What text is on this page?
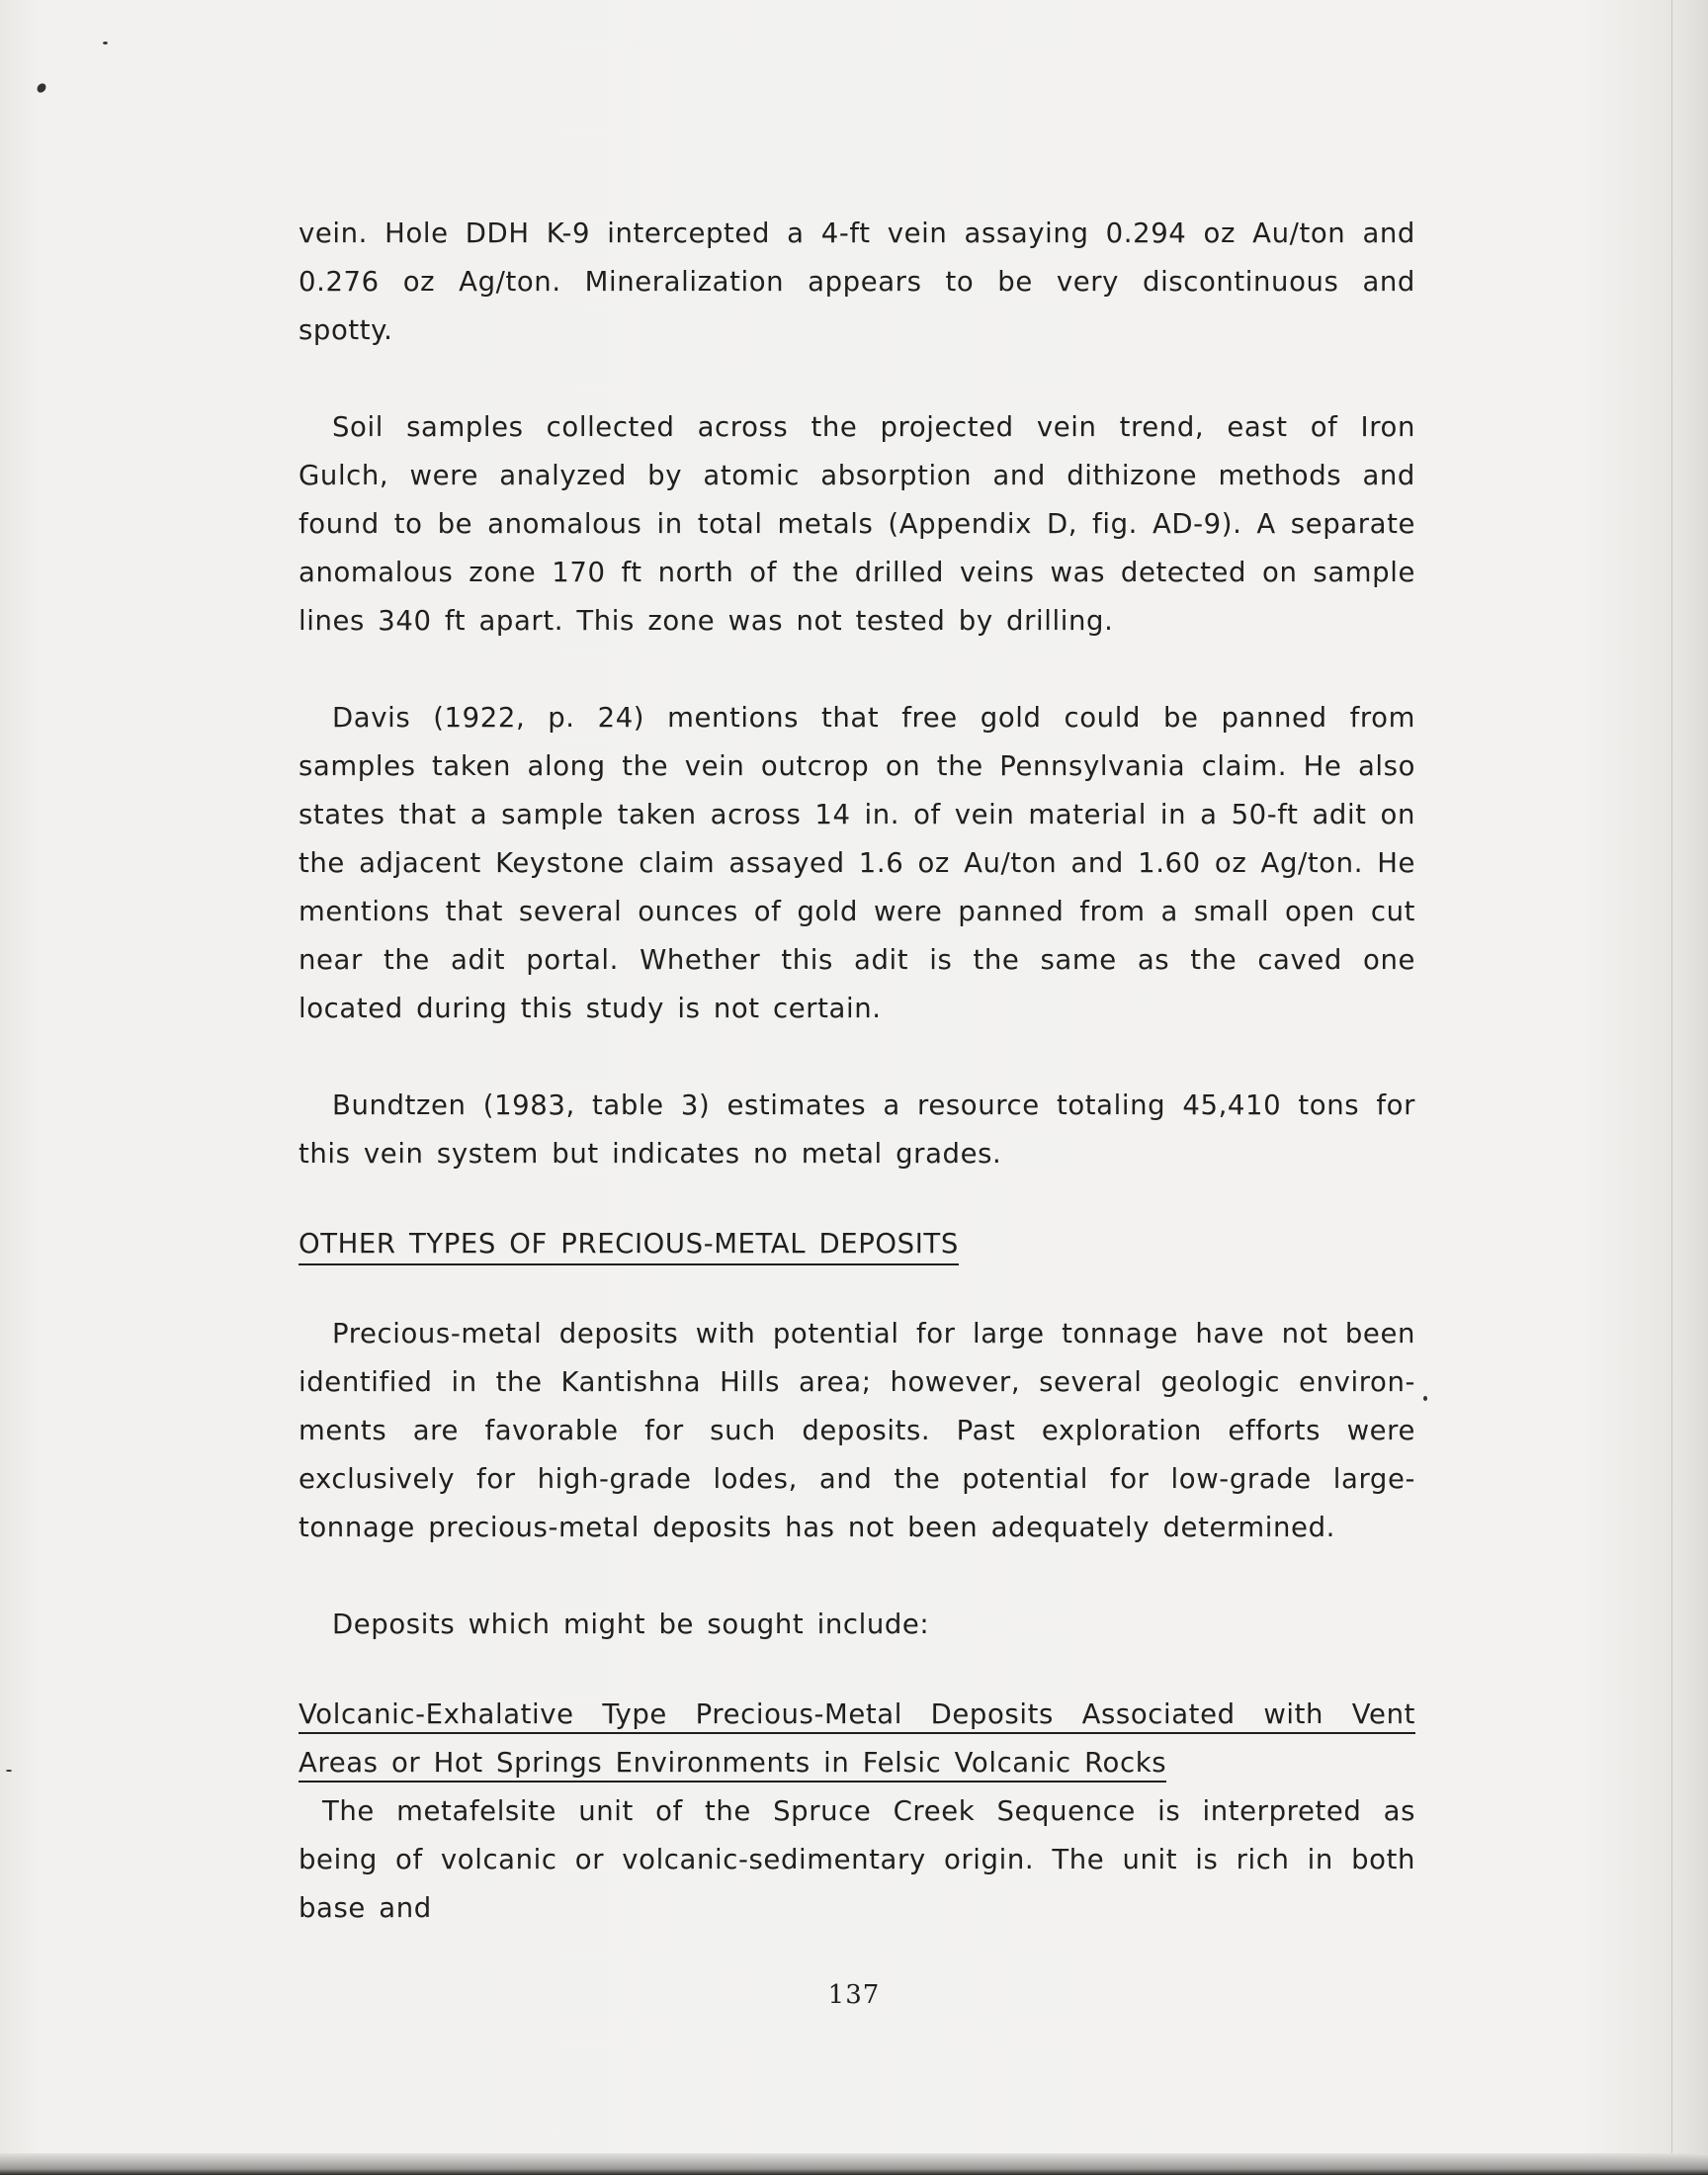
vein. Hole DDH K-9 intercepted a 4-ft vein assaying 0.294 oz Au/ton and 0.276 oz Ag/ton. Mineralization appears to be very discontinuous and spotty.

Soil samples collected across the projected vein trend, east of Iron Gulch, were analyzed by atomic absorption and dithizone methods and found to be anomalous in total metals (Appendix D, fig. AD-9). A separate anomalous zone 170 ft north of the drilled veins was detected on sample lines 340 ft apart. This zone was not tested by drilling.

Davis (1922, p. 24) mentions that free gold could be panned from samples taken along the vein outcrop on the Pennsylvania claim. He also states that a sample taken across 14 in. of vein material in a 50-ft adit on the adjacent Keystone claim assayed 1.6 oz Au/ton and 1.60 oz Ag/ton. He mentions that several ounces of gold were panned from a small open cut near the adit portal. Whether this adit is the same as the caved one located during this study is not certain.

Bundtzen (1983, table 3) estimates a resource totaling 45,410 tons for this vein system but indicates no metal grades.

OTHER TYPES OF PRECIOUS-METAL DEPOSITS

Precious-metal deposits with potential for large tonnage have not been identified in the Kantishna Hills area; however, several geologic environ-ments are favorable for such deposits. Past exploration efforts were exclusively for high-grade lodes, and the potential for low-grade large-tonnage precious-metal deposits has not been adequately determined.

Deposits which might be sought include:

Volcanic-Exhalative Type Precious-Metal Deposits Associated with Vent

Areas or Hot Springs Environments in Felsic Volcanic Rocks

The metafelsite unit of the Spruce Creek Sequence is interpreted as being of volcanic or volcanic-sedimentary origin. The unit is rich in both base and

137
